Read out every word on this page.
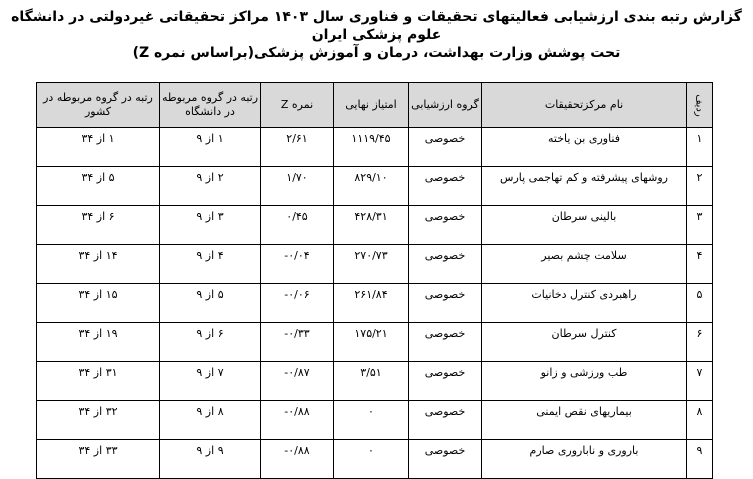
گزارش رتبه بندی ارزشیابی فعالیتهای تحقیقات و فناوری سال ۱۴۰۳ مراکز تحقیقاتی غیردولتی در دانشگاه علوم پزشکی ایران
تحت پوشش وزارت بهداشت، درمان و آموزش پزشکی(براساس نمره Z)
ردیف	نام مرکزتحقیقات	گروه ارزشیابی	امتیاز نهایی	نمره Z	رتبه در گروه مربوطه در دانشگاه	رتبه در گروه مربوطه در کشور
۱	فناوری بن یاخته	خصوصی	۱۱۱۹/۴۵	۲/۶۱	۱ از ۹	۱ از ۳۴
۲	روشهای پیشرفته و کم تهاجمی پارس	خصوصی	۸۲۹/۱۰	۱/۷۰	۲ از ۹	۵ از ۳۴
۳	بالینی سرطان	خصوصی	۴۲۸/۳۱	۰/۴۵	۳ از ۹	۶ از ۳۴
۴	سلامت چشم بصیر	خصوصی	۲۷۰/۷۳	۰/۰۴-	۴ از ۹	۱۴ از ۳۴
۵	راهبردی کنترل دخانیات	خصوصی	۲۶۱/۸۴	۰/۰۶-	۵ از ۹	۱۵ از ۳۴
۶	کنترل سرطان	خصوصی	۱۷۵/۲۱	۰/۳۳-	۶ از ۹	۱۹ از ۳۴
۷	طب ورزشی و زانو	خصوصی	۳/۵۱	۰/۸۷-	۷ از ۹	۳۱ از ۳۴
۸	بیماریهای نقص ایمنی	خصوصی	۰	۰/۸۸-	۸ از ۹	۳۲ از ۳۴
۹	باروری و ناباروری صارم	خصوصی	۰	۰/۸۸-	۹ از ۹	۳۳ از ۳۴
